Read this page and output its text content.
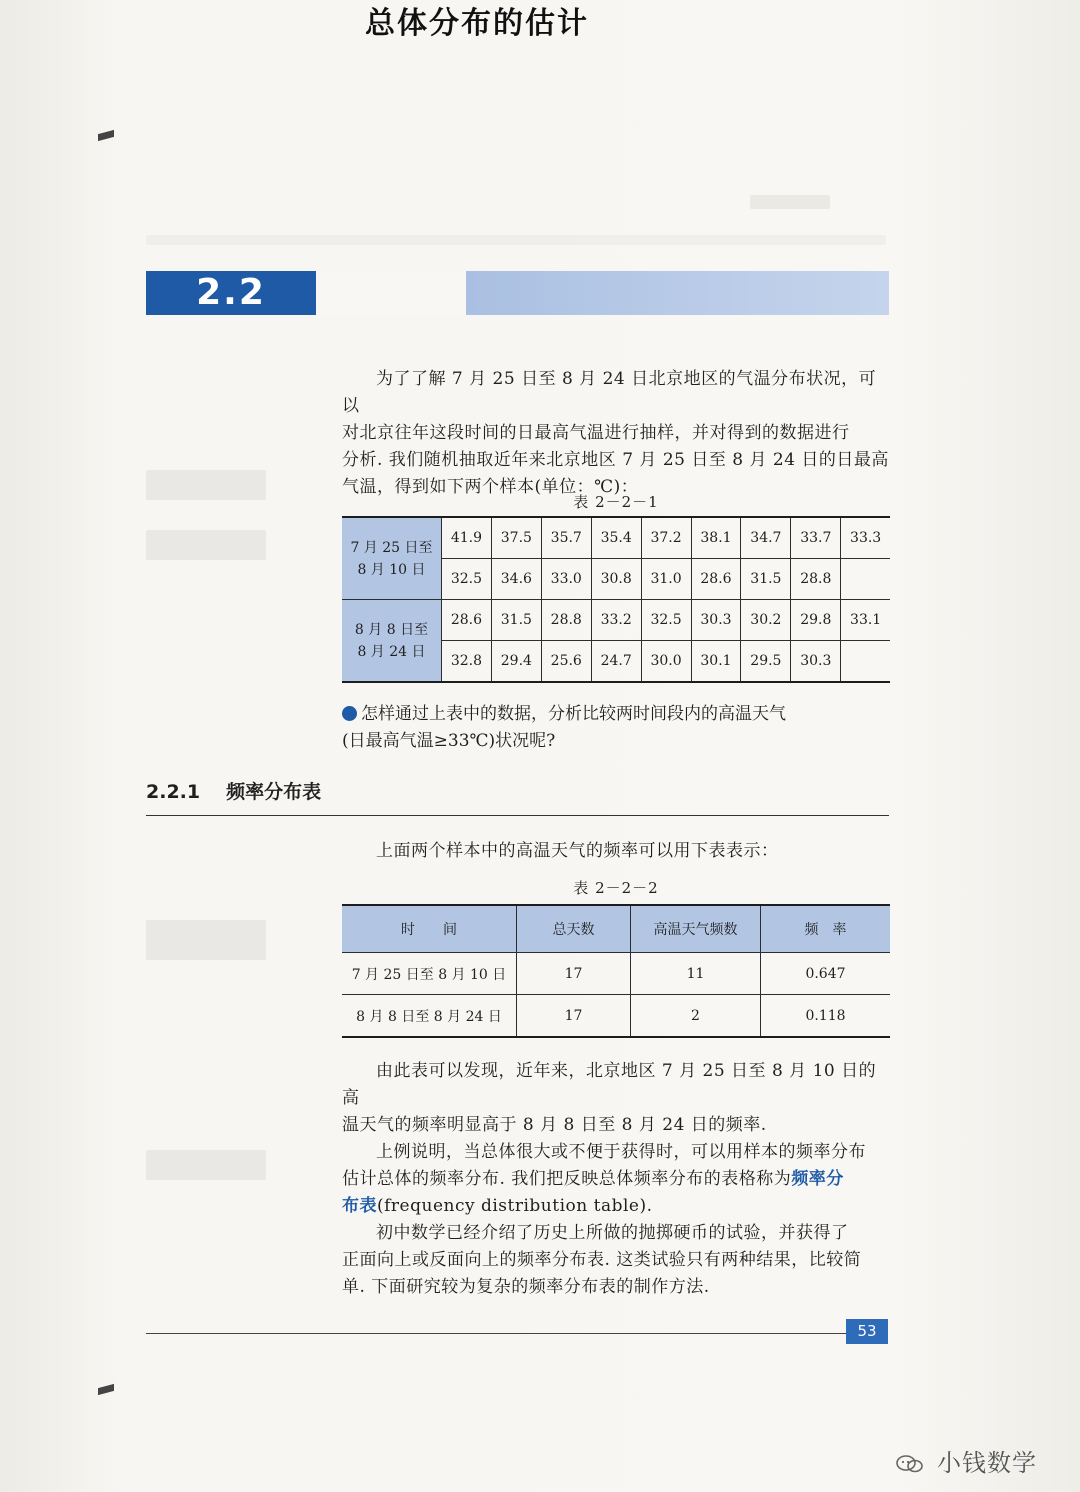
2.2
总体分布的估计

为了了解 7 月 25 日至 8 月 24 日北京地区的气温分布状况，可以

对北京往年这段时间的日最高气温进行抽样，并对得到的数据进行

分析. 我们随机抽取近年来北京地区 7 月 25 日至 8 月 24 日的日最高

气温，得到如下两个样本(单位：℃)：

表 2－2－1
7 月 25 日至
8 月 10 日	41.9	37.5	35.7	35.4	37.2	38.1	34.7	33.7	33.3
	32.5	34.6	33.0	30.8	31.0	28.6	31.5	28.8	

8 月 8 日至
8 月 24 日	28.6	31.5	28.8	33.2	32.5	30.3	30.2	29.8	33.1
	32.8	29.4	25.6	24.7	30.0	30.1	29.5	30.3	
怎样通过上表中的数据，分析比较两时间段内的高温天气
(日最高气温≥33℃)状况呢?
2.2.1 频率分布表

上面两个样本中的高温天气的频率可以用下表表示：

表 2－2－2
时　　间	总天数	高温天气频数	频　率
7 月 25 日至 8 月 10 日	17	11	0.647
8 月 8 日至 8 月 24 日	17	2	0.118

由此表可以发现，近年来，北京地区 7 月 25 日至 8 月 10 日的高

温天气的频率明显高于 8 月 8 日至 8 月 24 日的频率.

上例说明，当总体很大或不便于获得时，可以用样本的频率分布

估计总体的频率分布. 我们把反映总体频率分布的表格称为频率分

布表(frequency distribution table).

初中数学已经介绍了历史上所做的抛掷硬币的试验，并获得了

正面向上或反面向上的频率分布表. 这类试验只有两种结果，比较简

单. 下面研究较为复杂的频率分布表的制作方法.

53
小钱数学
